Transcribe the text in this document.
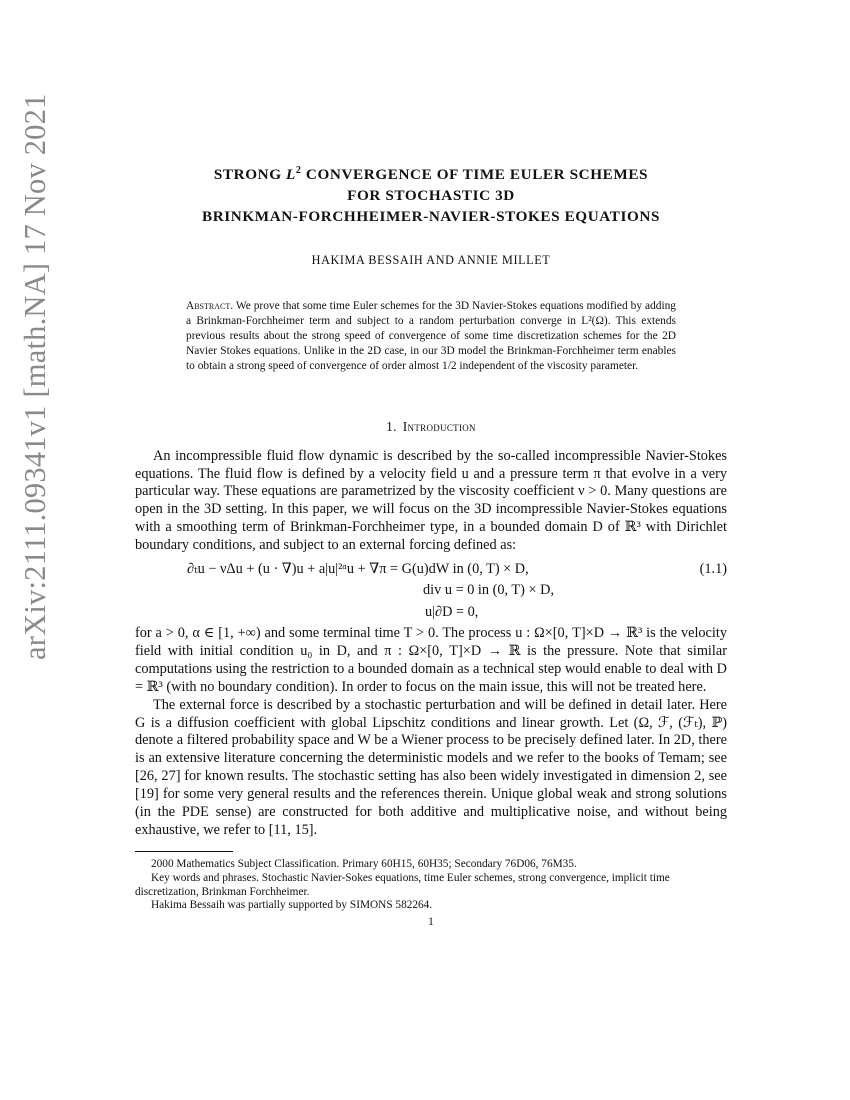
arXiv:2111.09341v1 [math.NA] 17 Nov 2021	STRONG $L^2$ CONVERGENCE OF TIME EULER SCHEMES
FOR STOCHASTIC 3D
BRINKMAN-FORCHHEIMER-NAVIER-STOKES EQUATIONS
HAKIMA BESSAIH AND ANNIE MILLET
Abstract. We prove that some time Euler schemes for the 3D Navier-Stokes equations modified by adding a Brinkman-Forchheimer term and subject to a random perturbation converge in L²(Ω). This extends previous results about the strong speed of convergence of some time discretization schemes for the 2D Navier Stokes equations. Unlike in the 2D case, in our 3D model the Brinkman-Forchheimer term enables to obtain a strong speed of convergence of order almost 1/2 independent of the viscosity parameter.
1. Introduction

An incompressible fluid flow dynamic is described by the so-called incompressible Navier-Stokes equations. The fluid flow is defined by a velocity field u and a pressure term π that evolve in a very particular way. These equations are parametrized by the viscosity coefficient ν > 0. Many questions are open in the 3D setting. In this paper, we will focus on the 3D incompressible Navier-Stokes equations with a smoothing term of Brinkman-Forchheimer type, in a bounded domain D of ℝ³ with Dirichlet boundary conditions, and subject to an external forcing defined as:

∂ₜu − νΔu + (u · ∇)u + a|u|²ᵅu + ∇π = G(u)dW in (0, T) × D,
div u = 0 in (0, T) × D,
u|∂D = 0,
(1.1)

for a > 0, α ∈ [1, +∞) and some terminal time T > 0. The process u : Ω×[0, T]×D → ℝ³ is the velocity field with initial condition u₀ in D, and π : Ω×[0, T]×D → ℝ is the pressure. Note that similar computations using the restriction to a bounded domain as a technical step would enable to deal with D = ℝ³ (with no boundary condition). In order to focus on the main issue, this will not be treated here.

The external force is described by a stochastic perturbation and will be defined in detail later. Here G is a diffusion coefficient with global Lipschitz conditions and linear growth. Let (Ω, ℱ, (ℱₜ), ℙ) denote a filtered probability space and W be a Wiener process to be precisely defined later. In 2D, there is an extensive literature concerning the deterministic models and we refer to the books of Temam; see [26, 27] for known results. The stochastic setting has also been widely investigated in dimension 2, see [19] for some very general results and the references therein. Unique global weak and strong solutions (in the PDE sense) are constructed for both additive and multiplicative noise, and without being exhaustive, we refer to [11, 15].

2000 Mathematics Subject Classification. Primary 60H15, 60H35; Secondary 76D06, 76M35.
Key words and phrases. Stochastic Navier-Sokes equations, time Euler schemes, strong convergence, implicit time discretization, Brinkman Forchheimer.
Hakima Bessaih was partially supported by SIMONS 582264.
1
